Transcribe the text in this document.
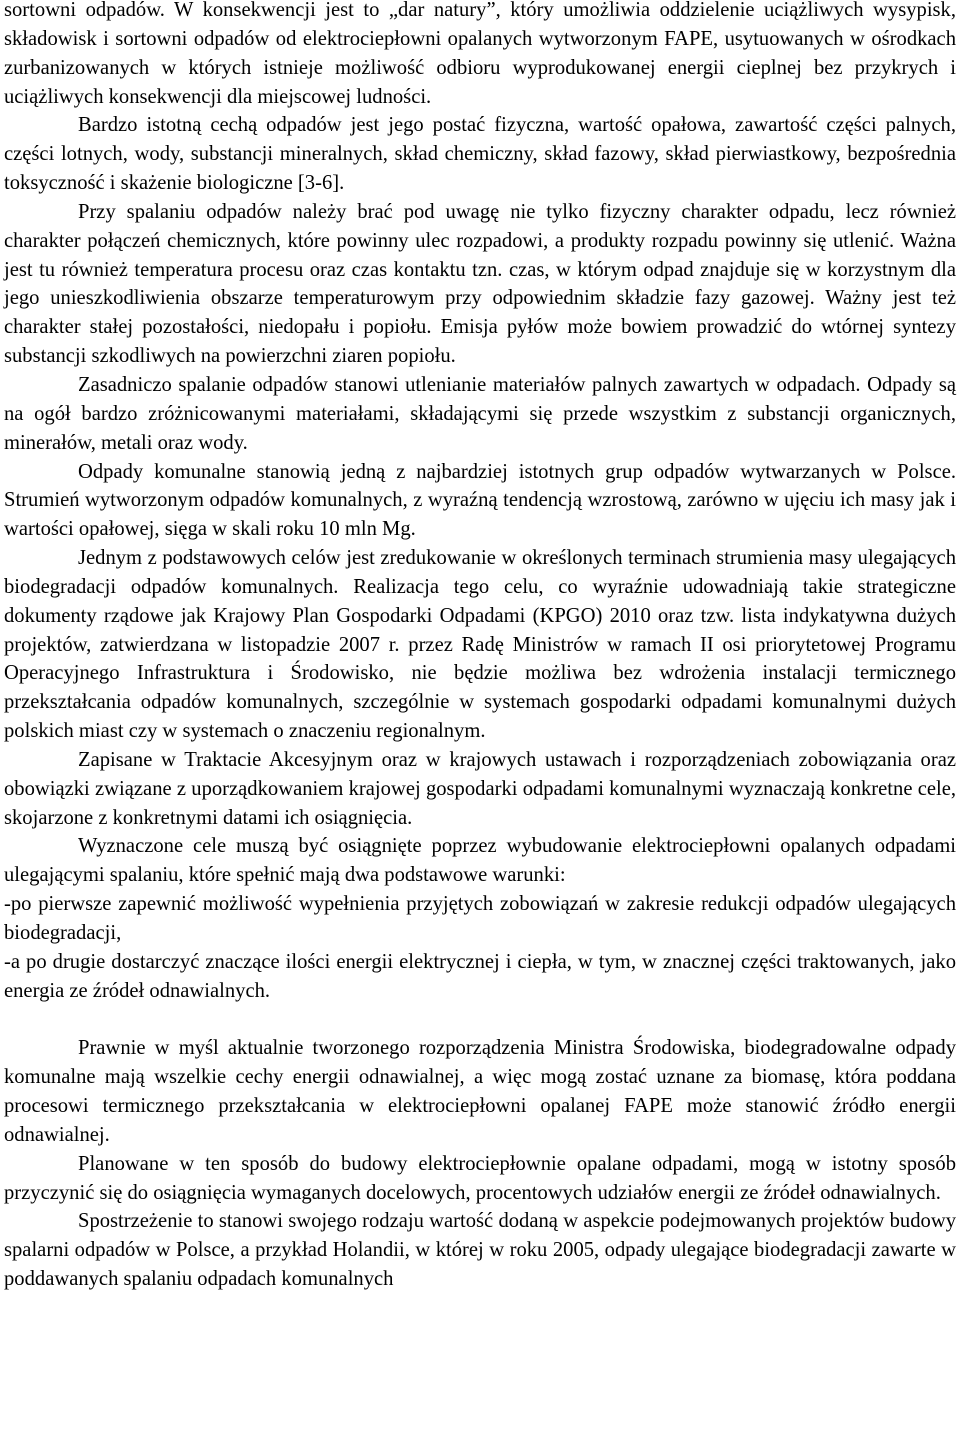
sortowni odpadów. W konsekwencji jest to „dar natury”, który umożliwia oddzielenie uciążliwych wysypisk, składowisk i sortowni odpadów od elektrociepłowni opalanych wytworzonym FAPE, usytuowanych w ośrodkach zurbanizowanych w których istnieje możliwość odbioru wyprodukowanej energii cieplnej bez przykrych i uciążliwych konsekwencji dla miejscowej ludności.

Bardzo istotną cechą odpadów jest jego postać fizyczna, wartość opałowa, zawartość części palnych, części lotnych, wody, substancji mineralnych, skład chemiczny, skład fazowy, skład pierwiastkowy, bezpośrednia toksyczność i skażenie biologiczne [3-6].

Przy spalaniu odpadów należy brać pod uwagę nie tylko fizyczny charakter odpadu, lecz również charakter połączeń chemicznych, które powinny ulec rozpadowi, a produkty rozpadu powinny się utlenić. Ważna jest tu również temperatura procesu oraz czas kontaktu tzn. czas, w którym odpad znajduje się w korzystnym dla jego unieszkodliwienia obszarze temperaturowym przy odpowiednim składzie fazy gazowej. Ważny jest też charakter stałej pozostałości, niedopału i popiołu. Emisja pyłów może bowiem prowadzić do wtórnej syntezy substancji szkodliwych na powierzchni ziaren popiołu.

Zasadniczo spalanie odpadów stanowi utlenianie materiałów palnych zawartych w odpadach. Odpady są na ogół bardzo zróżnicowanymi materiałami, składającymi się przede wszystkim z substancji organicznych, minerałów, metali oraz wody.

Odpady komunalne stanowią jedną z najbardziej istotnych grup odpadów wytwarzanych w Polsce. Strumień wytworzonym odpadów komunalnych, z wyraźną tendencją wzrostową, zarówno w ujęciu ich masy jak i wartości opałowej, sięga w skali roku 10 mln Mg.

Jednym z podstawowych celów jest zredukowanie w określonych terminach strumienia masy ulegających biodegradacji odpadów komunalnych. Realizacja tego celu, co wyraźnie udowadniają takie strategiczne dokumenty rządowe jak Krajowy Plan Gospodarki Odpadami (KPGO) 2010 oraz tzw. lista indykatywna dużych projektów, zatwierdzana w listopadzie 2007 r. przez Radę Ministrów w ramach II osi priorytetowej Programu Operacyjnego Infrastruktura i Środowisko, nie będzie możliwa bez wdrożenia instalacji termicznego przekształcania odpadów komunalnych, szczególnie w systemach gospodarki odpadami komunalnymi dużych polskich miast czy w systemach o znaczeniu regionalnym.

Zapisane w Traktacie Akcesyjnym oraz w krajowych ustawach i rozporządzeniach zobowiązania oraz obowiązki związane z uporządkowaniem krajowej gospodarki odpadami komunalnymi wyznaczają konkretne cele, skojarzone z konkretnymi datami ich osiągnięcia.

Wyznaczone cele muszą być osiągnięte poprzez wybudowanie elektrociepłowni opalanych odpadami ulegającymi spalaniu, które spełnić mają dwa podstawowe warunki:

-po pierwsze zapewnić możliwość wypełnienia przyjętych zobowiązań w zakresie redukcji odpadów ulegających biodegradacji,

-a po drugie dostarczyć znaczące ilości energii elektrycznej i ciepła, w tym, w znacznej części traktowanych, jako energia ze źródeł odnawialnych.

Prawnie w myśl aktualnie tworzonego rozporządzenia Ministra Środowiska, biodegradowalne odpady komunalne mają wszelkie cechy energii odnawialnej, a więc mogą zostać uznane za biomasę, która poddana procesowi termicznego przekształcania w elektrociepłowni opalanej FAPE może stanowić źródło energii odnawialnej.

Planowane w ten sposób do budowy elektrociepłownie opalane odpadami, mogą w istotny sposób przyczynić się do osiągnięcia wymaganych docelowych, procentowych udziałów energii ze źródeł odnawialnych.

Spostrzeżenie to stanowi swojego rodzaju wartość dodaną w aspekcie podejmowanych projektów budowy spalarni odpadów w Polsce, a przykład Holandii, w której w roku 2005, odpady ulegające biodegradacji zawarte w poddawanych spalaniu odpadach komunalnych
